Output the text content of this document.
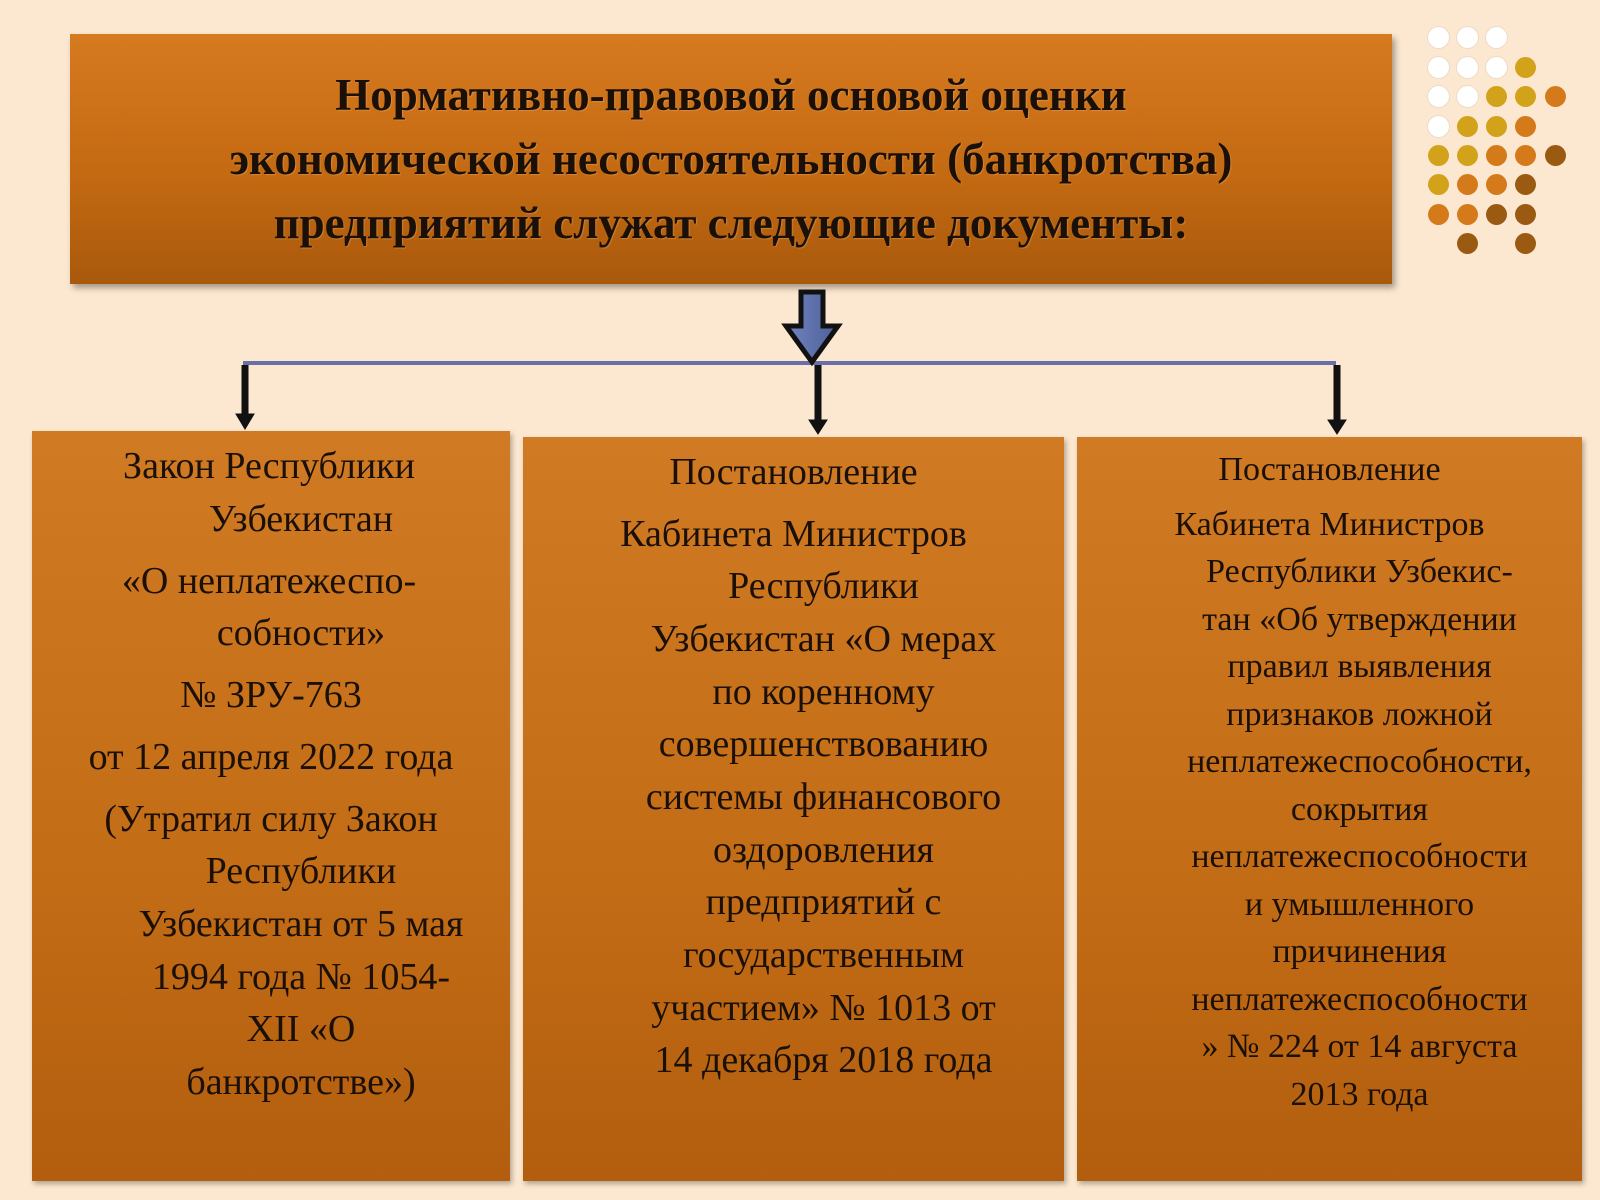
Нормативно-правовой основой оценки
экономической несостоятельности (банкротства)
предприятий служат следующие документы:
Закон Республики
Узбекистан
«О неплатежеспо-
собности»
№ ЗРУ-763
от 12 апреля 2022 года
(Утратил силу Закон
Республики
Узбекистан от 5 мая
1994 года № 1054-
XII «О
банкротстве»)
Постановление
Кабинета Министров
Республики
Узбекистан «О мерах
по коренному
совершенствованию
системы финансового
оздоровления
предприятий с
государственным
участием» № 1013 от
14 декабря 2018 года
Постановление
Кабинета Министров
Республики Узбекис-
тан «Об утверждении
правил выявления
признаков ложной
неплатежеспособности,
сокрытия
неплатежеспособности
и умышленного
причинения
неплатежеспособности
» № 224 от 14 августа
2013 года
